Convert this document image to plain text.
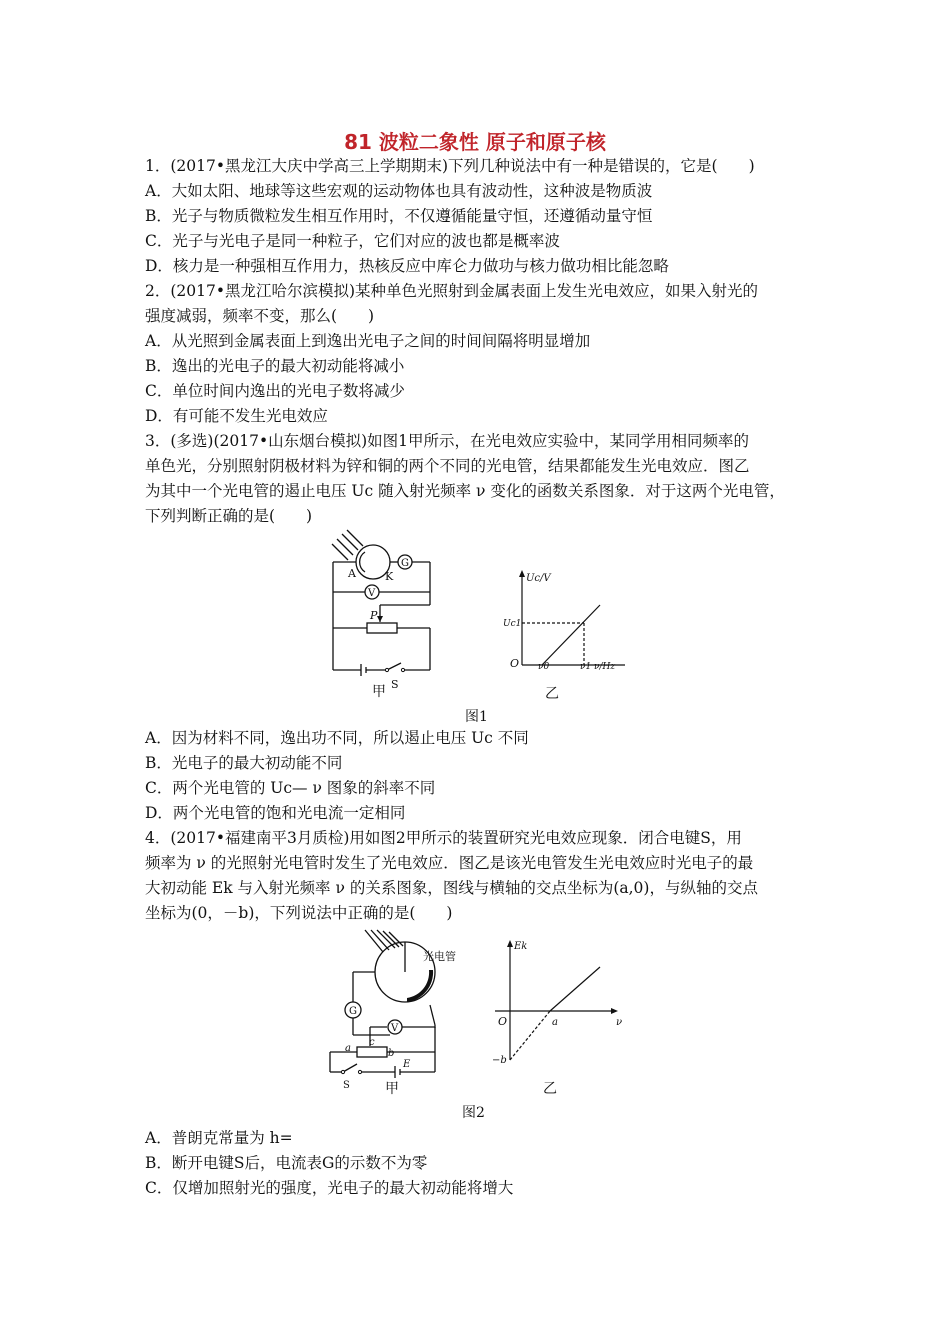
81 波粒二象性 原子和原子核
1．(2017•黑龙江大庆中学高三上学期期末)下列几种说法中有一种是错误的，它是(　　)
A．大如太阳、地球等这些宏观的运动物体也具有波动性，这种波是物质波
B．光子与物质微粒发生相互作用时，不仅遵循能量守恒，还遵循动量守恒
C．光子与光电子是同一种粒子，它们对应的波也都是概率波
D．核力是一种强相互作用力，热核反应中库仑力做功与核力做功相比能忽略
2．(2017•黑龙江哈尔滨模拟)某种单色光照射到金属表面上发生光电效应，如果入射光的
强度减弱，频率不变，那么(　　)
A．从光照到金属表面上到逸出光电子之间的时间间隔将明显增加
B．逸出的光电子的最大初动能将减小
C．单位时间内逸出的光电子数将减少
D．有可能不发生光电效应
3．(多选)(2017•山东烟台模拟)如图1甲所示，在光电效应实验中，某同学用相同频率的
单色光，分别照射阴极材料为锌和铜的两个不同的光电管，结果都能发生光电效应．图乙
为其中一个光电管的遏止电压 Uc 随入射光频率 ν 变化的函数关系图象．对于这两个光电管，
下列判断正确的是(　　)
A	K
G
V
P
S
甲
Uc/V
Uc1
O ν0	ν1 ν/Hz
乙
图1
A．因为材料不同，逸出功不同，所以遏止电压 Uc 不同
B．光电子的最大初动能不同
C．两个光电管的 Uc— ν 图象的斜率不同
D．两个光电管的饱和光电流一定相同
4．(2017•福建南平3月质检)用如图2甲所示的装置研究光电效应现象．闭合电键S，用
频率为 ν 的光照射光电管时发生了光电效应．图乙是该光电管发生光电效应时光电子的最
大初动能 Ek 与入射光频率 ν 的关系图象，图线与横轴的交点坐标为(a,0)，与纵轴的交点
坐标为(0，－b)，下列说法中正确的是(　　)
光电管
G
V
a
c
b
E
S	甲
Ek
O	a
−b
ν
乙
图2
A．普朗克常量为 h=
B．断开电键S后，电流表G的示数不为零
C．仅增加照射光的强度，光电子的最大初动能将增大
